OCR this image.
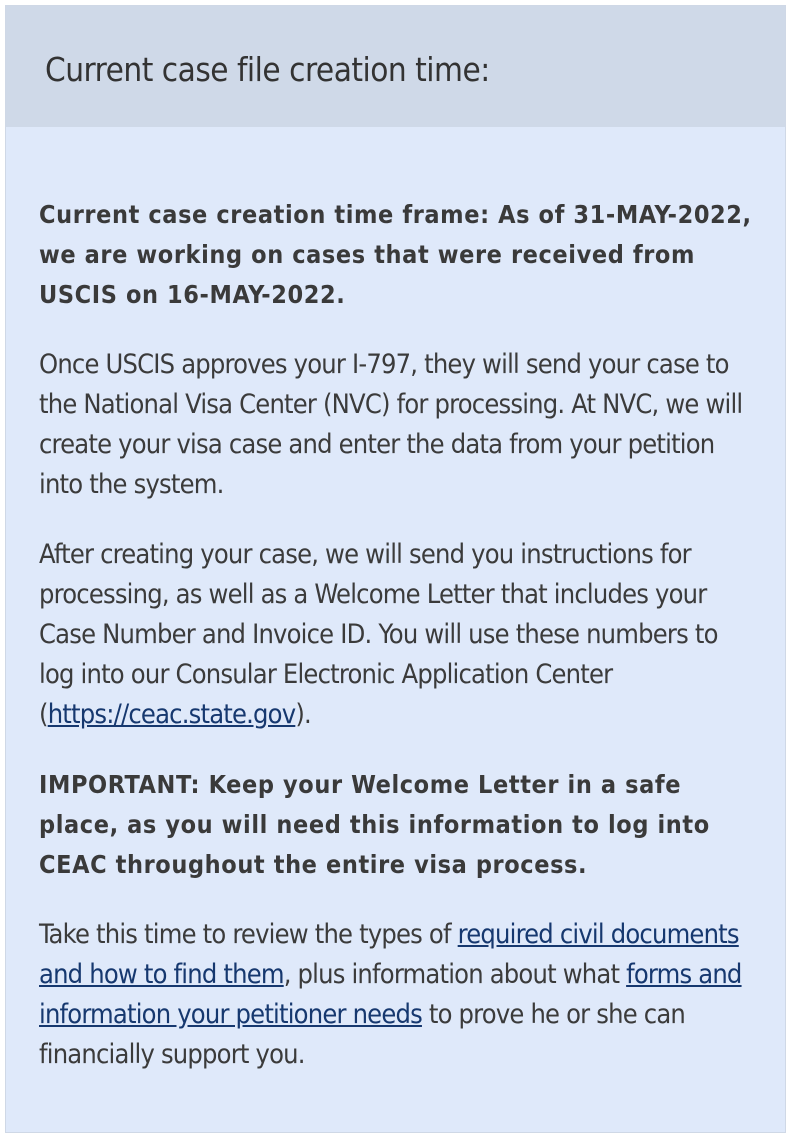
Current case file creation time:

Current case creation time frame: As of 31-MAY-2022, we are working on cases that were received from USCIS on 16-MAY-2022.

Once USCIS approves your I-797, they will send your case to the National Visa Center (NVC) for processing. At NVC, we will create your visa case and enter the data from your petition into the system.

After creating your case, we will send you instructions for processing, as well as a Welcome Letter that includes your Case Number and Invoice ID. You will use these numbers to log into our Consular Electronic Application Center (https://ceac.state.gov).

IMPORTANT: Keep your Welcome Letter in a safe place, as you will need this information to log into CEAC throughout the entire visa process.

Take this time to review the types of required civil documents and how to find them, plus information about what forms and information your petitioner needs to prove he or she can financially support you.
